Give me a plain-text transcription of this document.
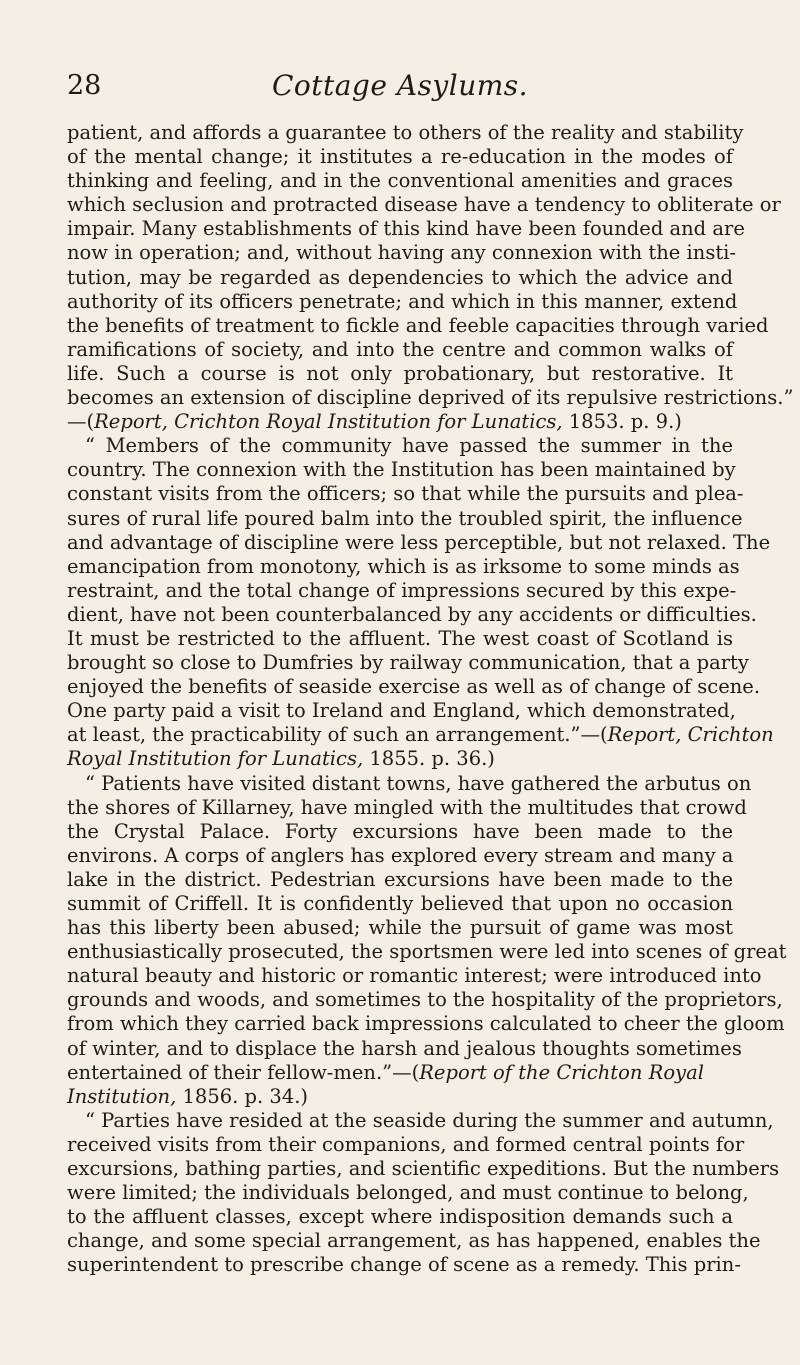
28	Cottage Asylums.
patient, and affords a guarantee to others of the reality and stability
of the mental change; it institutes a re-education in the modes of
thinking and feeling, and in the conventional amenities and graces
which seclusion and protracted disease have a tendency to obliterate or
impair. Many establishments of this kind have been founded and are
now in operation; and, without having any connexion with the insti-
tution, may be regarded as dependencies to which the advice and
authority of its officers penetrate; and which in this manner, extend
the benefits of treatment to fickle and feeble capacities through varied
ramifications of society, and into the centre and common walks of
life. Such a course is not only probationary, but restorative. It
becomes an extension of discipline deprived of its repulsive restrictions.”
—(Report, Crichton Royal Institution for Lunatics, 1853. p. 9.)
“ Members of the community have passed the summer in the
country. The connexion with the Institution has been maintained by
constant visits from the officers; so that while the pursuits and plea-
sures of rural life poured balm into the troubled spirit, the influence
and advantage of discipline were less perceptible, but not relaxed. The
emancipation from monotony, which is as irksome to some minds as
restraint, and the total change of impressions secured by this expe-
dient, have not been counterbalanced by any accidents or difficulties.
It must be restricted to the affluent. The west coast of Scotland is
brought so close to Dumfries by railway communication, that a party
enjoyed the benefits of seaside exercise as well as of change of scene.
One party paid a visit to Ireland and England, which demonstrated,
at least, the practicability of such an arrangement.”—(Report, Crichton
Royal Institution for Lunatics, 1855. p. 36.)
“ Patients have visited distant towns, have gathered the arbutus on
the shores of Killarney, have mingled with the multitudes that crowd
the Crystal Palace. Forty excursions have been made to the
environs. A corps of anglers has explored every stream and many a
lake in the district. Pedestrian excursions have been made to the
summit of Criffell. It is confidently believed that upon no occasion
has this liberty been abused; while the pursuit of game was most
enthusiastically prosecuted, the sportsmen were led into scenes of great
natural beauty and historic or romantic interest; were introduced into
grounds and woods, and sometimes to the hospitality of the proprietors,
from which they carried back impressions calculated to cheer the gloom
of winter, and to displace the harsh and jealous thoughts sometimes
entertained of their fellow-men.”—(Report of the Crichton Royal
Institution, 1856. p. 34.)
“ Parties have resided at the seaside during the summer and autumn,
received visits from their companions, and formed central points for
excursions, bathing parties, and scientific expeditions. But the numbers
were limited; the individuals belonged, and must continue to belong,
to the affluent classes, except where indisposition demands such a
change, and some special arrangement, as has happened, enables the
superintendent to prescribe change of scene as a remedy. This prin-
